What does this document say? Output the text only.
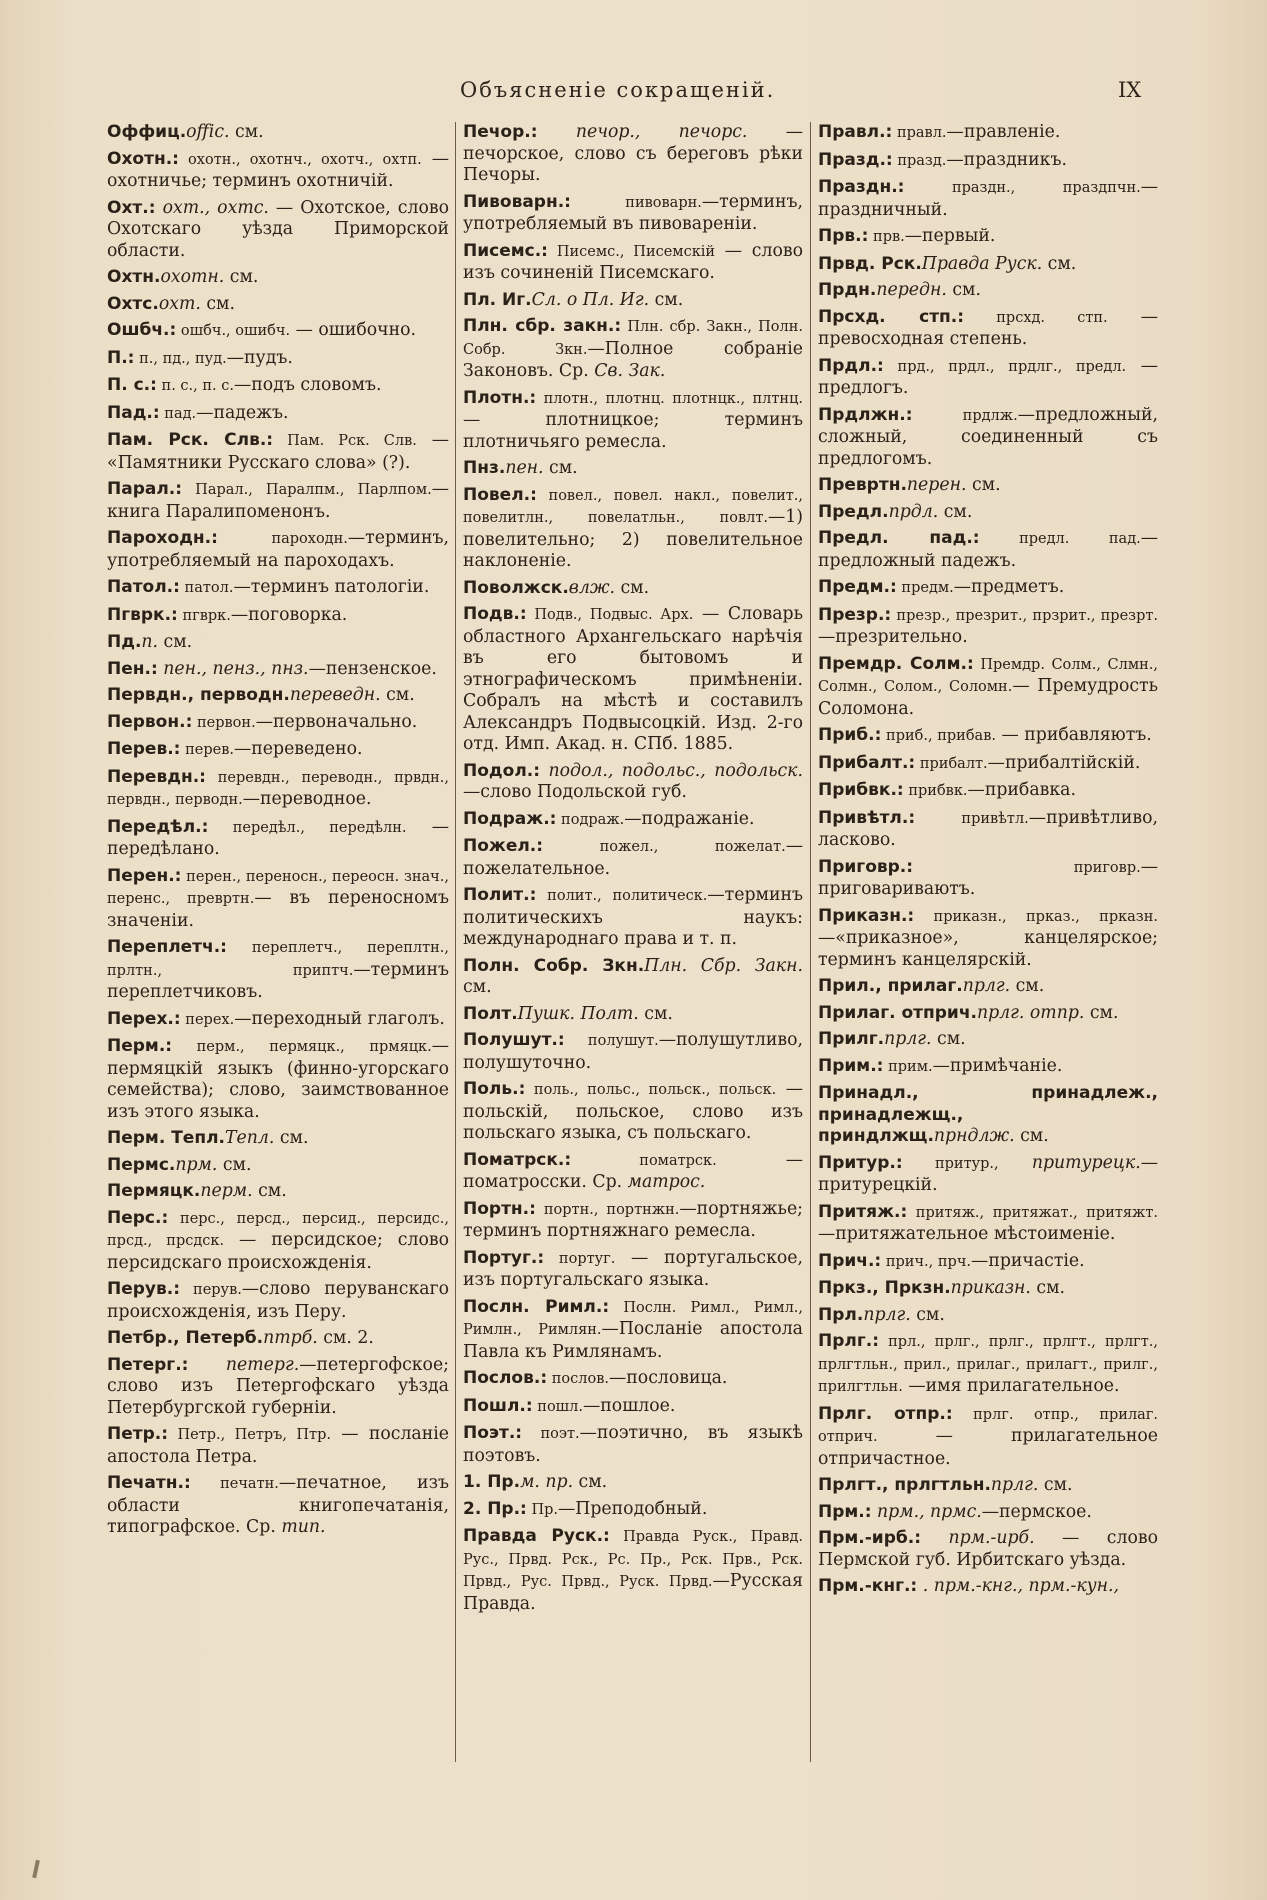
Объясненіе сокращеній.	IX

Оффиц.offic. см.

Охотн.: охотн., охотнч., охотч., охтп. — охотничье; терминъ охотничій.

Охт.: охт., охтс. — Охотское, слово Охотскаго уѣзда Приморской области.

Охтн.охотн. см.

Охтс.охт. см.

Ошбч.: ошбч., ошибч. — ошибочно.

П.: п., пд., пуд.—пудъ.

П. с.: п. с., п. с.—подъ словомъ.

Пад.: пад.—падежъ.

Пам. Рск. Слв.: Пам. Рск. Слв. — «Памятники Русскаго слова» (?).

Парал.: Парал., Паралпм., Парлпом.—книга Паралипоменонъ.

Пароходн.: пароходн.—терминъ, употребляемый на пароходахъ.

Патол.: патол.—терминъ патологіи.

Пгврк.: пгврк.—поговорка.

Пд.п. см.

Пен.: пен., пенз., пнз.—пензенское.

Первдн., перводн.переведн. см.

Первон.: первон.—первоначально.

Перев.: перев.—переведено.

Перевдн.: перевдн., переводн., првдн., первдн., перводн.—переводное.

Передѣл.: передѣл., передѣлн. — передѣлано.

Перен.: перен., переносн., переосн. знач., перенс., превртн.— въ переносномъ значеніи.

Переплетч.: переплетч., переплтн., прлтн., приптч.—терминъ переплетчиковъ.

Перех.: перех.—переходный глаголъ.

Перм.: перм., пермяцк., прмяцк.— пермяцкій языкъ (финно-угорскаго семейства); слово, заимствованное изъ этого языка.

Перм. Тепл.Тепл. см.

Пермс.прм. см.

Пермяцк.перм. см.

Перс.: перс., персд., персид., персидс., прсд., прсдск. — персидское; слово персидскаго происхожденія.

Перув.: перув.—слово перуванскаго происхожденія, изъ Перу.

Петбр., Петерб.птрб. см. 2.

Петерг.: петерг.—петергофское; слово изъ Петергофскаго уѣзда Петербургской губерніи.

Петр.: Петр., Петръ, Птр. — посланіе апостола Петра.

Печатн.: печатн.—печатное, изъ области книгопечатанія, типографское. Ср. тип.

Печор.: печор., печорс. — печорское, слово съ береговъ рѣки Печоры.

Пивоварн.: пивоварн.—терминъ, употребляемый въ пивовареніи.

Писемс.: Писемс., Писемскій — слово изъ сочиненій Писемскаго.

Пл. Иг.Сл. о Пл. Иг. см.

Плн. сбр. закн.: Плн. сбр. Закн., Полн. Собр. Зкн.—Полное собраніе Законовъ. Ср. Св. Зак.

Плотн.: плотн., плотнц. плотнцк., плтнц. — плотницкое; терминъ плотничьяго ремесла.

Пнз.пен. см.

Повел.: повел., повел. накл., повелит., повелитлн., повелатльн., повлт.—1) повелительно; 2) повелительное наклоненіе.

Поволжск.влж. см.

Подв.: Подв., Подвыс. Арх. — Словарь областного Архангельскаго нарѣчія въ его бытовомъ и этнографическомъ примѣненіи. Собралъ на мѣстѣ и составилъ Александръ Подвысоцкій. Изд. 2-го отд. Имп. Акад. н. СПб. 1885.

Подол.: подол., подольс., подольск. —слово Подольской губ.

Подраж.: подраж.—подражаніе.

Пожел.: пожел., пожелат.—пожелательное.

Полит.: полит., политическ.—терминъ политическихъ наукъ: международнаго права и т. п.

Полн. Собр. Зкн.Плн. Сбр. Закн. см.

Полт.Пушк. Полт. см.

Полушут.: полушут.—полушутливо, полушуточно.

Поль.: поль., польс., польск., польск. — польскій, польское, слово изъ польскаго языка, съ польскаго.

Поматрск.: поматрск. — поматросски. Ср. матрос.

Портн.: портн., портнжн.—портняжье; терминъ портняжнаго ремесла.

Португ.: португ. — португальское, изъ португальскаго языка.

Послн. Римл.: Послн. Римл., Римл., Римлн., Римлян.—Посланіе апостола Павла къ Римлянамъ.

Послов.: послов.—пословица.

Пошл.: пошл.—пошлое.

Поэт.: поэт.—поэтично, въ языкѣ поэтовъ.

1. Пр.м. пр. см.

2. Пр.: Пр.—Преподобный.

Правда Руск.: Правда Руск., Правд. Рус., Првд. Рск., Рс. Пр., Рск. Прв., Рск. Првд., Рус. Првд., Руск. Првд.—Русская Правда.

Правл.: правл.—правленіе.

Празд.: празд.—праздникъ.

Праздн.: праздн., праздпчн.— праздничный.

Прв.: прв.—первый.

Првд. Рск.Правда Руск. см.

Прдн.передн. см.

Прсхд. стп.: прсхд. стп. — превосходная степень.

Прдл.: прд., прдл., прдлг., предл. —предлогъ.

Прдлжн.: прдлж.—предложный, сложный, соединенный съ предлогомъ.

Превртн.перен. см.

Предл.прдл. см.

Предл. пад.: предл. пад.—предложный падежъ.

Предм.: предм.—предметъ.

Презр.: презр., презрит., прзрит., презрт.—презрительно.

Премдр. Солм.: Премдр. Солм., Слмн., Солмн., Солом., Соломн.— Премудрость Соломона.

Приб.: приб., прибав. — прибавляютъ.

Прибалт.: прибалт.—прибалтійскій.

Прибвк.: прибвк.—прибавка.

Привѣтл.: привѣтл.—привѣтливо, ласково.

Приговр.: приговр.—приговариваютъ.

Приказн.: приказн., прказ., прказн. —«приказное», канцелярское; терминъ канцелярскій.

Прил., прилаг.прлг. см.

Прилаг. отприч.прлг. отпр. см.

Прилг.прлг. см.

Прим.: прим.—примѣчаніе.

Принадл., принадлеж., принадлежщ., приндлжщ.прндлж. см.

Притур.: притур., притурецк.— притурецкій.

Притяж.: притяж., притяжат., притяжт.—притяжательное мѣстоименіе.

Прич.: прич., прч.—причастіе.

Пркз., Пркзн.приказн. см.

Прл.прлг. см.

Прлг.: прл., прлг., прлг., прлгт., прлгт., прлгтльн., прил., прилаг., прилагт., прилг., прилгтльн. —имя прилагательное.

Прлг. отпр.: прлг. отпр., прилаг. отприч. — прилагательное отпричастное.

Прлгт., прлгтльн.прлг. см.

Прм.: прм., прмс.—пермское.

Прм.-ирб.: прм.-ирб. — слово Пермской губ. Ирбитскаго уѣзда.

Прм.-кнг.: . прм.-кнг., прм.-кун.,
